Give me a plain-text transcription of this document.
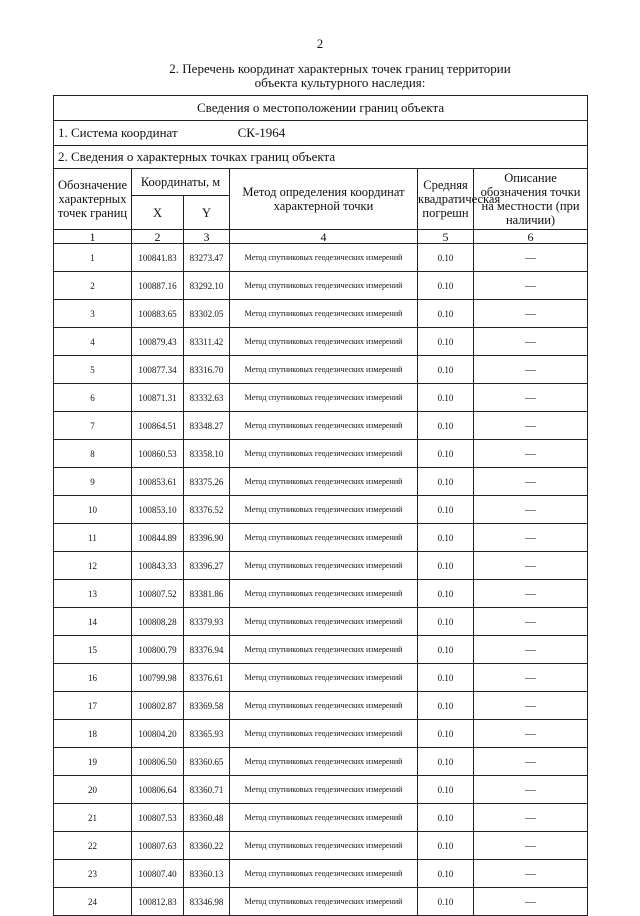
2
2. Перечень координат характерных точек границ территории
объекта культурного наследия:
Сведения о местоположении границ объекта					
1. Система координат СК-1964					
2. Сведения о характерных точках границ объекта					
Обозначение характерных точек границ	Координаты, м		Метод определения координат характерной точки	Средняя квадратическая погрешн	Описание обозначения точки на местности (при наличии)
	X	Y			
1	2	3	4	5	6
1	100841.83	83273.47	Метод спутниковых геодезических измерений	0.10	—
2	100887.16	83292.10	Метод спутниковых геодезических измерений	0.10	—
3	100883.65	83302.05	Метод спутниковых геодезических измерений	0.10	—
4	100879.43	83311.42	Метод спутниковых геодезических измерений	0.10	—
5	100877.34	83316.70	Метод спутниковых геодезических измерений	0.10	—
6	100871.31	83332.63	Метод спутниковых геодезических измерений	0.10	—
7	100864.51	83348.27	Метод спутниковых геодезических измерений	0.10	—
8	100860.53	83358.10	Метод спутниковых геодезических измерений	0.10	—
9	100853.61	83375.26	Метод спутниковых геодезических измерений	0.10	—
10	100853.10	83376.52	Метод спутниковых геодезических измерений	0.10	—
11	100844.89	83396.90	Метод спутниковых геодезических измерений	0.10	—
12	100843.33	83396.27	Метод спутниковых геодезических измерений	0.10	—
13	100807.52	83381.86	Метод спутниковых геодезических измерений	0.10	—
14	100808.28	83379.93	Метод спутниковых геодезических измерений	0.10	—
15	100800.79	83376.94	Метод спутниковых геодезических измерений	0.10	—
16	100799.98	83376.61	Метод спутниковых геодезических измерений	0.10	—
17	100802.87	83369.58	Метод спутниковых геодезических измерений	0.10	—
18	100804.20	83365.93	Метод спутниковых геодезических измерений	0.10	—
19	100806.50	83360.65	Метод спутниковых геодезических измерений	0.10	—
20	100806.64	83360.71	Метод спутниковых геодезических измерений	0.10	—
21	100807.53	83360.48	Метод спутниковых геодезических измерений	0.10	—
22	100807.63	83360.22	Метод спутниковых геодезических измерений	0.10	—
23	100807.40	83360.13	Метод спутниковых геодезических измерений	0.10	—
24	100812.83	83346.98	Метод спутниковых геодезических измерений	0.10	—
